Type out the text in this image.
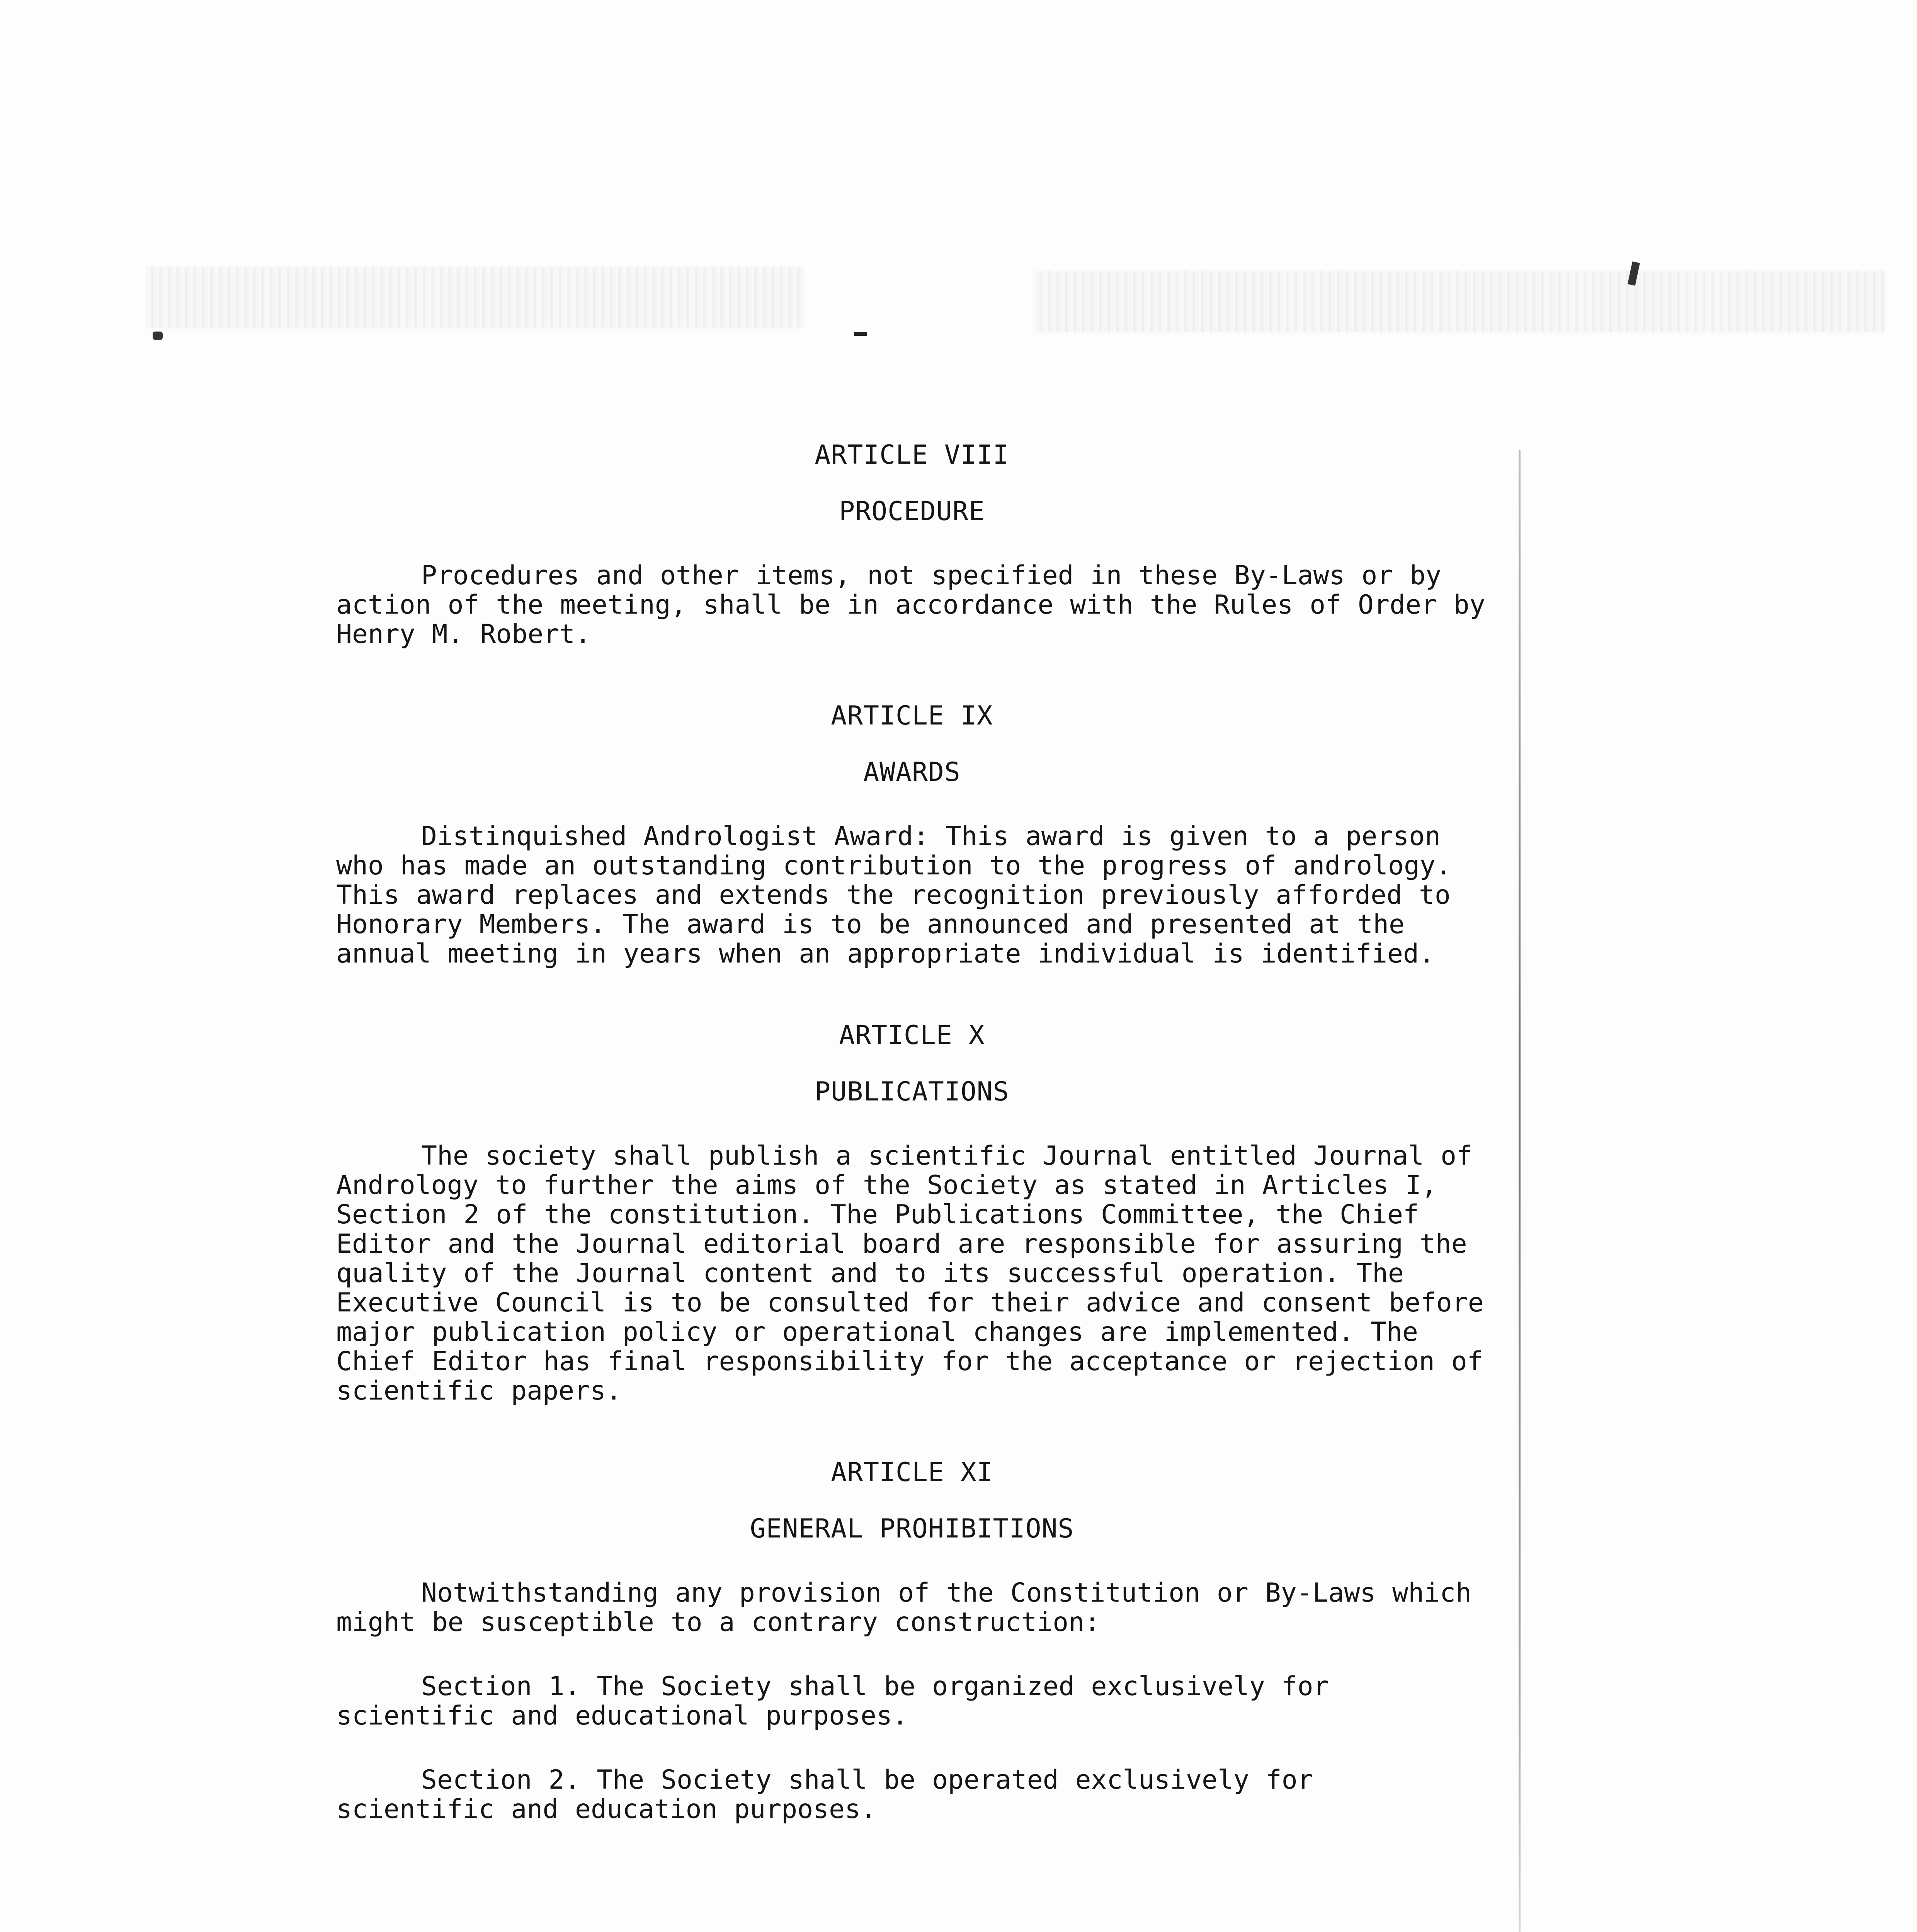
ARTICLE VIII
PROCEDURE

Procedures and other items, not specified in these By-Laws or by action of the meeting, shall be in accordance with the Rules of Order by Henry M. Robert.

ARTICLE IX
AWARDS

Distinquished Andrologist Award: This award is given to a person who has made an outstanding contribution to the progress of andrology. This award replaces and extends the recognition previously afforded to Honorary Members. The award is to be announced and presented at the annual meeting in years when an appropriate individual is identified.

ARTICLE X
PUBLICATIONS

The society shall publish a scientific Journal entitled Journal of Andrology to further the aims of the Society as stated in Articles I, Section 2 of the constitution. The Publications Committee, the Chief Editor and the Journal editorial board are responsible for assuring the quality of the Journal content and to its successful operation. The Executive Council is to be consulted for their advice and consent before major publication policy or operational changes are implemented. The Chief Editor has final responsibility for the acceptance or rejection of scientific papers.

ARTICLE XI
GENERAL PROHIBITIONS

Notwithstanding any provision of the Constitution or By-Laws which might be susceptible to a contrary construction:

Section 1. The Society shall be organized exclusively for scientific and educational purposes.

Section 2. The Society shall be operated exclusively for scientific and education purposes.
